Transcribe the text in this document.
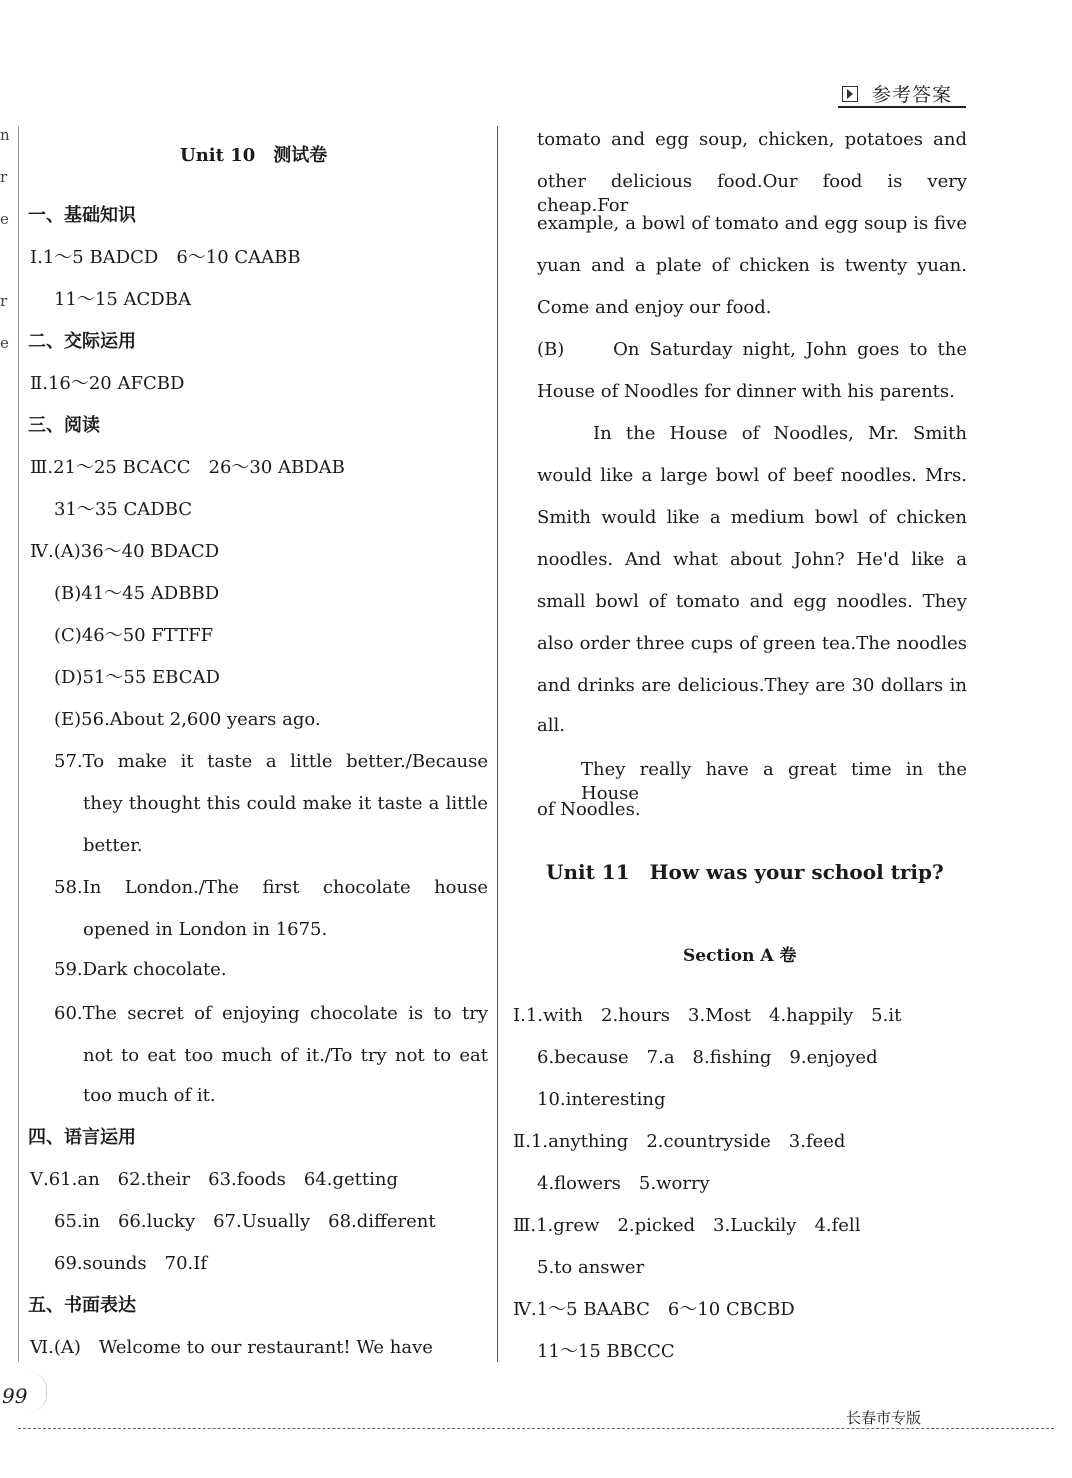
参考答案
n
r
e
r
e
Unit 10　测试卷
一、基础知识
Ⅰ.1～5 BADCD　6～10 CAABB
11～15 ACDBA
二、交际运用
Ⅱ.16～20 AFCBD
三、阅读
Ⅲ.21～25 BCACC　26～30 ABDAB
31～35 CADBC
Ⅳ.(A)36～40 BDACD
(B)41～45 ADBBD
(C)46～50 FTTFF
(D)51～55 EBCAD
(E)56.About 2,600 years ago.
57.To make it taste a little better./Because
they thought this could make it taste a little
better.
58.In London./The first chocolate house
opened in London in 1675.
59.Dark chocolate.
60.The secret of enjoying chocolate is to try
not to eat too much of it./To try not to eat
too much of it.
四、语言运用
Ⅴ.61.an　62.their　63.foods　64.getting
65.in　66.lucky　67.Usually　68.different
69.sounds　70.If
五、书面表达
Ⅵ.(A)　Welcome to our restaurant! We have
tomato and egg soup, chicken, potatoes and
other delicious food.Our food is very cheap.For
example, a bowl of tomato and egg soup is five
yuan and a plate of chicken is twenty yuan.
Come and enjoy our food.
(B)　　On Saturday night, John goes to the
House of Noodles for dinner with his parents.
In the House of Noodles, Mr. Smith
would like a large bowl of beef noodles. Mrs.
Smith would like a medium bowl of chicken
noodles. And what about John? He'd like a
small bowl of tomato and egg noodles. They
also order three cups of green tea.The noodles
and drinks are delicious.They are 30 dollars in
all.
They really have a great time in the House
of Noodles.
Unit 11　How was your school trip?
Section A 卷
Ⅰ.1.with　2.hours　3.Most　4.happily　5.it
6.because　7.a　8.fishing　9.enjoyed
10.interesting
Ⅱ.1.anything　2.countryside　3.feed
4.flowers　5.worry
Ⅲ.1.grew　2.picked　3.Luckily　4.fell
5.to answer
Ⅳ.1～5 BAABC　6～10 CBCBD
11～15 BBCCC
99
长春市专版
